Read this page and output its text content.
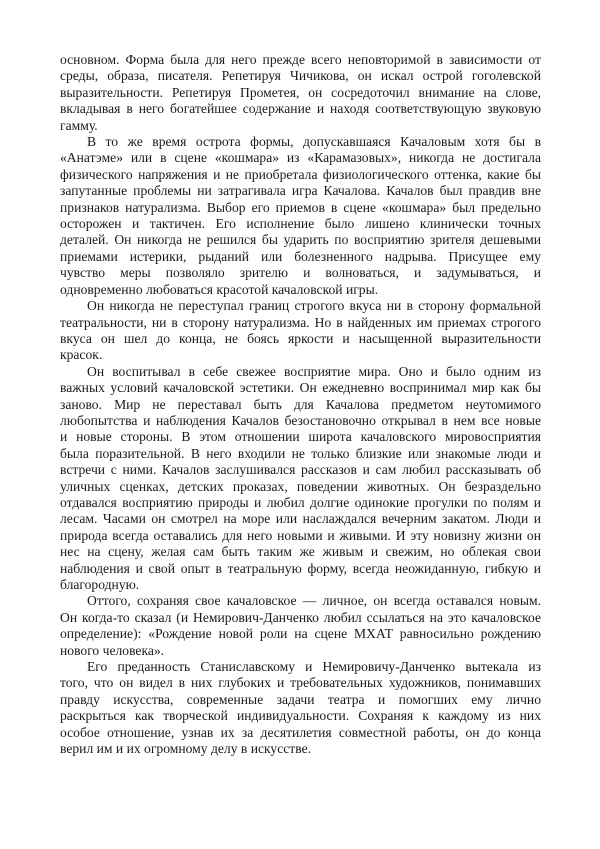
основном. Форма была для него прежде всего неповторимой в зависимости от
среды, образа, писателя. Репетируя Чичикова, он искал острой гоголевской
выразительности. Репетируя Прометея, он сосредоточил внимание на слове,
вкладывая в него богатейшее содержание и находя соответствующую звуковую
гамму.
В то же время острота формы, допускавшаяся Качаловым хотя бы в
«Анатэме» или в сцене «кошмара» из «Карамазовых», никогда не достигала
физического напряжения и не приобретала физиологического оттенка, какие бы
запутанные проблемы ни затрагивала игра Качалова. Качалов был правдив вне
признаков натурализма. Выбор его приемов в сцене «кошмара» был предельно
осторожен и тактичен. Его исполнение было лишено клинически точных
деталей. Он никогда не решился бы ударить по восприятию зрителя дешевыми
приемами истерики, рыданий или болезненного надрыва. Присущее ему
чувство меры позволяло зрителю и волноваться, и задумываться, и
одновременно любоваться красотой качаловской игры.
Он никогда не переступал границ строгого вкуса ни в сторону формальной
театральности, ни в сторону натурализма. Но в найденных им приемах строгого
вкуса он шел до конца, не боясь яркости и насыщенной выразительности
красок.
Он воспитывал в себе свежее восприятие мира. Оно и было одним из
важных условий качаловской эстетики. Он ежедневно воспринимал мир как бы
заново. Мир не переставал быть для Качалова предметом неутомимого
любопытства и наблюдения Качалов безостановочно открывал в нем все новые
и новые стороны. В этом отношении широта качаловского мировосприятия
была поразительной. В него входили не только близкие или знакомые люди и
встречи с ними. Качалов заслушивался рассказов и сам любил рассказывать об
уличных сценках, детских проказах, поведении животных. Он безраздельно
отдавался восприятию природы и любил долгие одинокие прогулки по полям и
лесам. Часами он смотрел на море или наслаждался вечерним закатом. Люди и
природа всегда оставались для него новыми и живыми. И эту новизну жизни он
нес на сцену, желая сам быть таким же живым и свежим, но облекая свои
наблюдения и свой опыт в театральную форму, всегда неожиданную, гибкую и
благородную.
Оттого, сохраняя свое качаловское — личное, он всегда оставался новым.
Он когда-то сказал (и Немирович-Данченко любил ссылаться на это качаловское
определение): «Рождение новой роли на сцене МХАТ равносильно рождению
нового человека».
Его преданность Станиславскому и Немировичу-Данченко вытекала из
того, что он видел в них глубоких и требовательных художников, понимавших
правду искусства, современные задачи театра и помогших ему лично
раскрыться как творческой индивидуальности. Сохраняя к каждому из них
особое отношение, узнав их за десятилетия совместной работы, он до конца
верил им и их огромному делу в искусстве.
